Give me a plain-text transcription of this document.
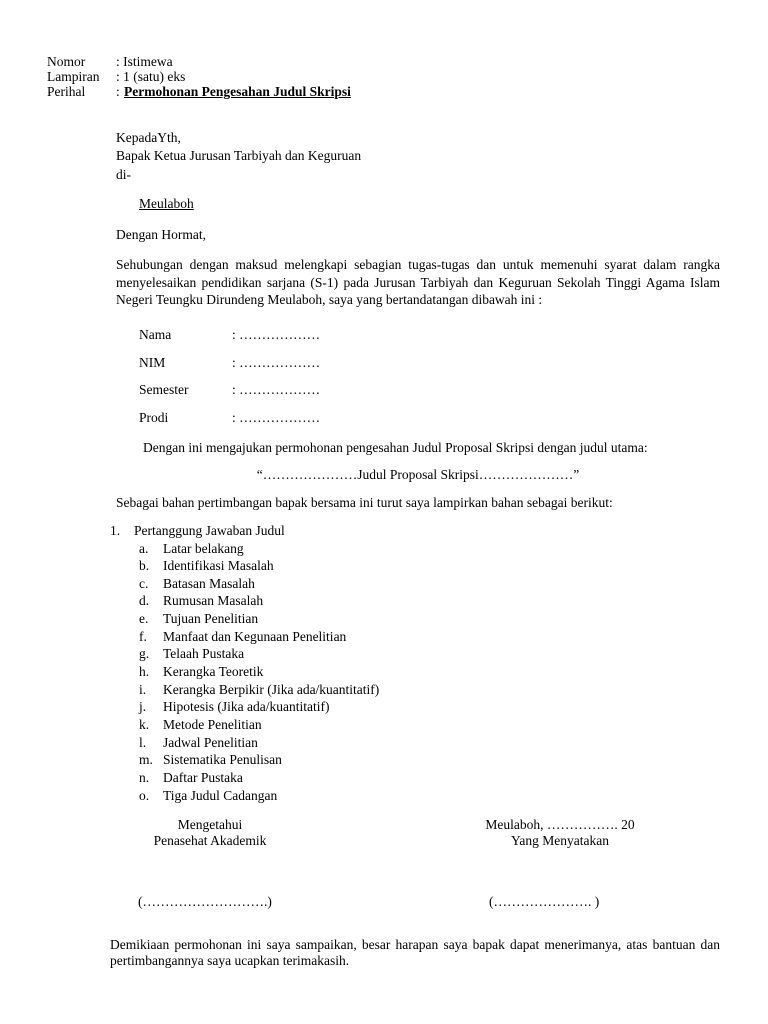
Nomor	: Istimewa
Lampiran	: 1 (satu) eks
Perihal	: Permohonan Pengesahan Judul Skripsi
KepadaYth,
Bapak Ketua Jurusan Tarbiyah dan Keguruan
di-
Meulaboh
Dengan Hormat,

Sehubungan dengan maksud melengkapi sebagian tugas-tugas dan untuk memenuhi syarat dalam rangka menyelesaikan pendidikan sarjana (S-1) pada Jurusan Tarbiyah dan Keguruan Sekolah Tinggi Agama Islam Negeri Teungku Dirundeng Meulaboh, saya yang bertandatangan dibawah ini :

Nama	: ………………
NIM	: ………………
Semester	: ………………
Prodi	: ………………
Dengan ini mengajukan permohonan pengesahan Judul Proposal Skripsi dengan judul utama:
“…………………Judul Proposal Skripsi…………………”
Sebagai bahan pertimbangan bapak bersama ini turut saya lampirkan bahan sebagai berikut:
1. Pertanggung Jawaban Judul
a.	Latar belakang
b.	Identifikasi Masalah
c.	Batasan Masalah
d.	Rumusan Masalah
e.	Tujuan Penelitian
f.	Manfaat dan Kegunaan Penelitian
g.	Telaah Pustaka
h.	Kerangka Teoretik
i.	Kerangka Berpikir (Jika ada/kuantitatif)
j.	Hipotesis (Jika ada/kuantitatif)
k.	Metode Penelitian
l.	Jadwal Penelitian
m. Sistematika Penulisan
n.	Daftar Pustaka
o.	Tiga Judul Cadangan
Mengetahui
Penasehat Akademik
(……………………….)
Meulaboh, ……………. 20
Yang Menyatakan
(…………………. )

Demikiaan permohonan ini saya sampaikan, besar harapan saya bapak dapat menerimanya, atas bantuan dan pertimbangannya saya ucapkan terimakasih.
